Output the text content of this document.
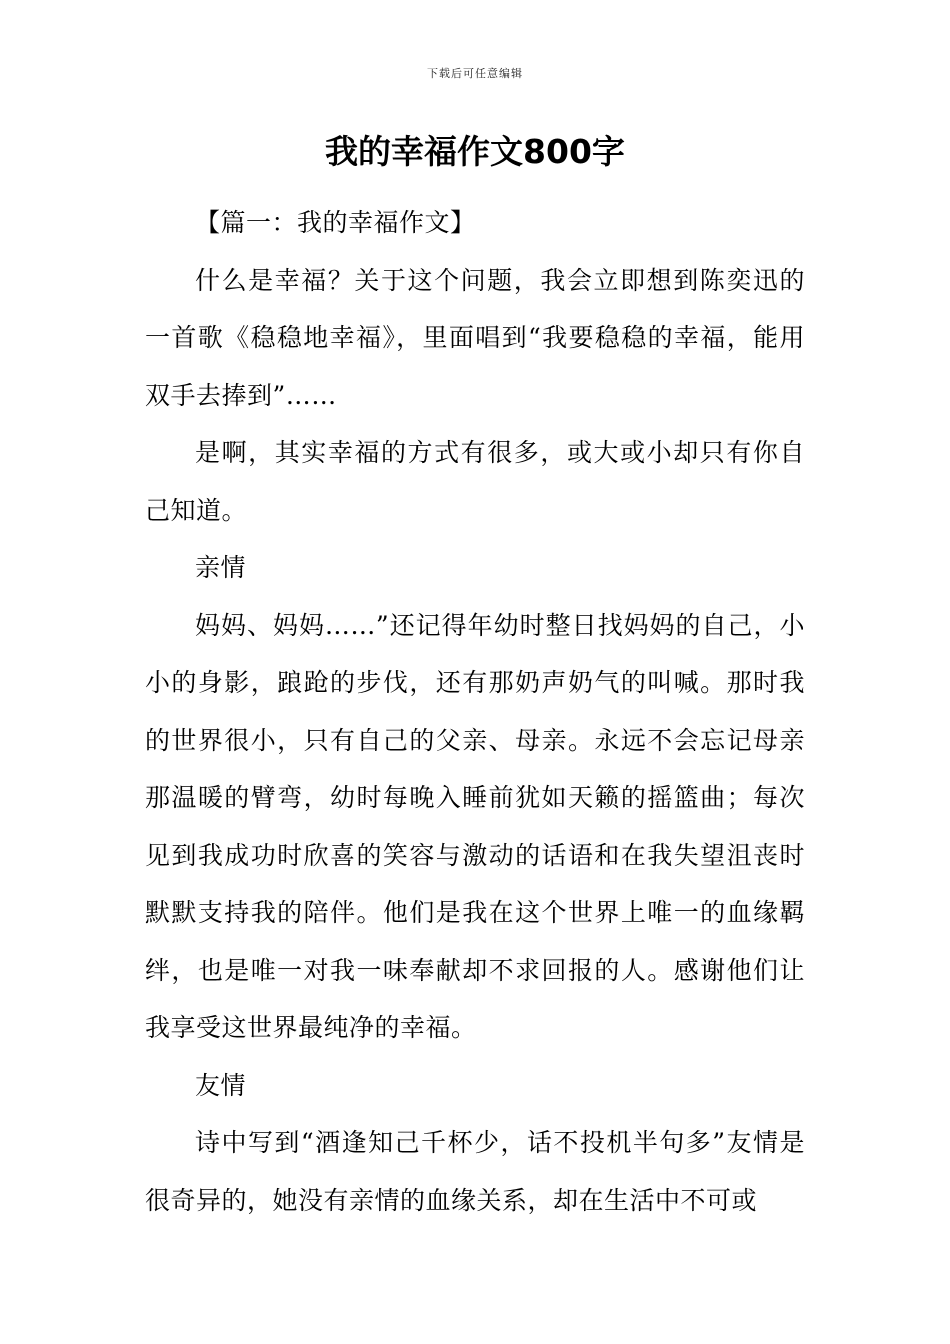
下载后可任意编辑
我的幸福作文800字

【篇一：我的幸福作文】

什么是幸福？关于这个问题，我会立即想到陈奕迅的一首歌《稳稳地幸福》，里面唱到“我要稳稳的幸福，能用双手去捧到”……

是啊，其实幸福的方式有很多，或大或小却只有你自己知道。

亲情

妈妈、妈妈……”还记得年幼时整日找妈妈的自己，小小的身影，踉跄的步伐，还有那奶声奶气的叫喊。那时我的世界很小，只有自己的父亲、母亲。永远不会忘记母亲那温暖的臂弯，幼时每晚入睡前犹如天籁的摇篮曲；每次见到我成功时欣喜的笑容与激动的话语和在我失望沮丧时默默支持我的陪伴。他们是我在这个世界上唯一的血缘羁绊，也是唯一对我一味奉献却不求回报的人。感谢他们让我享受这世界最纯净的幸福。

友情

诗中写到“酒逢知己千杯少，话不投机半句多”友情是很奇异的，她没有亲情的血缘关系，却在生活中不可或
